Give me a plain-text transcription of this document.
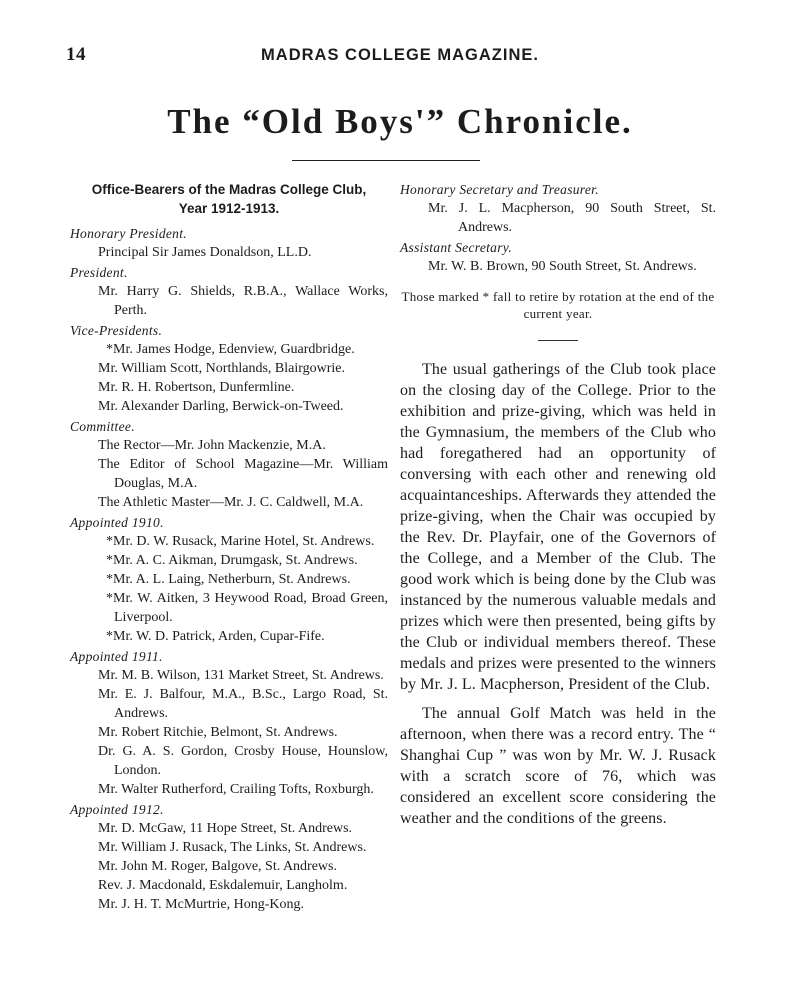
14	MADRAS COLLEGE MAGAZINE.
The “Old Boys'” Chronicle.
Office-Bearers of the Madras College Club,
Year 1912-1913.
Honorary President.
Principal Sir James Donaldson, LL.D.
President.
Mr. Harry G. Shields, R.B.A., Wallace Works, Perth.
Vice-Presidents.
*Mr. James Hodge, Edenview, Guardbridge.
Mr. William Scott, Northlands, Blairgowrie.
Mr. R. H. Robertson, Dunfermline.
Mr. Alexander Darling, Berwick-on-Tweed.
Committee.
The Rector—Mr. John Mackenzie, M.A.
The Editor of School Magazine—Mr. William Douglas, M.A.
The Athletic Master—Mr. J. C. Caldwell, M.A.
Appointed 1910.
*Mr. D. W. Rusack, Marine Hotel, St. Andrews.
*Mr. A. C. Aikman, Drumgask, St. Andrews.
*Mr. A. L. Laing, Netherburn, St. Andrews.
*Mr. W. Aitken, 3 Heywood Road, Broad Green, Liverpool.
*Mr. W. D. Patrick, Arden, Cupar-Fife.
Appointed 1911.
Mr. M. B. Wilson, 131 Market Street, St. Andrews.
Mr. E. J. Balfour, M.A., B.Sc., Largo Road, St. Andrews.
Mr. Robert Ritchie, Belmont, St. Andrews.
Dr. G. A. S. Gordon, Crosby House, Hounslow, London.
Mr. Walter Rutherford, Crailing Tofts, Roxburgh.
Appointed 1912.
Mr. D. McGaw, 11 Hope Street, St. Andrews.
Mr. William J. Rusack, The Links, St. Andrews.
Mr. John M. Roger, Balgove, St. Andrews.
Rev. J. Macdonald, Eskdalemuir, Langholm.
Mr. J. H. T. McMurtrie, Hong-Kong.
Honorary Secretary and Treasurer.
Mr. J. L. Macpherson, 90 South Street, St. Andrews.
Assistant Secretary.
Mr. W. B. Brown, 90 South Street, St. Andrews.
Those marked * fall to retire by rotation at the end of the current year.

The usual gatherings of the Club took place on the closing day of the College. Prior to the exhibition and prize-giving, which was held in the Gymnasium, the members of the Club who had foregathered had an opportunity of conversing with each other and renewing old acquaintanceships. Afterwards they attended the prize-giving, when the Chair was occupied by the Rev. Dr. Playfair, one of the Governors of the College, and a Member of the Club. The good work which is being done by the Club was instanced by the numerous valuable medals and prizes which were then presented, being gifts by the Club or individual members thereof. These medals and prizes were presented to the winners by Mr. J. L. Macpherson, President of the Club.

The annual Golf Match was held in the afternoon, when there was a record entry. The “ Shanghai Cup ” was won by Mr. W. J. Rusack with a scratch score of 76, which was considered an excellent score considering the weather and the conditions of the greens.
